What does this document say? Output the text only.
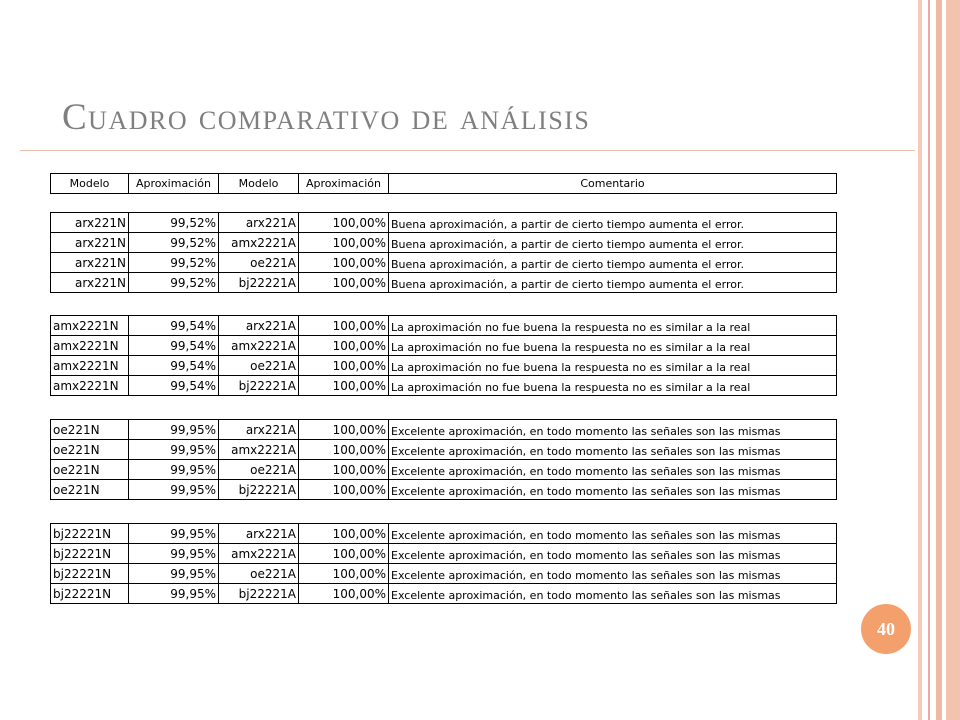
Cuadro comparativo de análisis
Modelo	Aproximación	Modelo	Aproximación	Comentario
arx221N	99,52%	arx221A	100,00%	Buena aproximación, a partir de cierto tiempo aumenta el error.
arx221N	99,52%	amx2221A	100,00%	Buena aproximación, a partir de cierto tiempo aumenta el error.
arx221N	99,52%	oe221A	100,00%	Buena aproximación, a partir de cierto tiempo aumenta el error.
arx221N	99,52%	bj22221A	100,00%	Buena aproximación, a partir de cierto tiempo aumenta el error.
amx2221N	99,54%	arx221A	100,00%	La aproximación no fue buena la respuesta no es similar a la real
amx2221N	99,54%	amx2221A	100,00%	La aproximación no fue buena la respuesta no es similar a la real
amx2221N	99,54%	oe221A	100,00%	La aproximación no fue buena la respuesta no es similar a la real
amx2221N	99,54%	bj22221A	100,00%	La aproximación no fue buena la respuesta no es similar a la real
oe221N	99,95%	arx221A	100,00%	Excelente aproximación, en todo momento las señales son las mismas
oe221N	99,95%	amx2221A	100,00%	Excelente aproximación, en todo momento las señales son las mismas
oe221N	99,95%	oe221A	100,00%	Excelente aproximación, en todo momento las señales son las mismas
oe221N	99,95%	bj22221A	100,00%	Excelente aproximación, en todo momento las señales son las mismas
bj22221N	99,95%	arx221A	100,00%	Excelente aproximación, en todo momento las señales son las mismas
bj22221N	99,95%	amx2221A	100,00%	Excelente aproximación, en todo momento las señales son las mismas
bj22221N	99,95%	oe221A	100,00%	Excelente aproximación, en todo momento las señales son las mismas
bj22221N	99,95%	bj22221A	100,00%	Excelente aproximación, en todo momento las señales son las mismas
40
